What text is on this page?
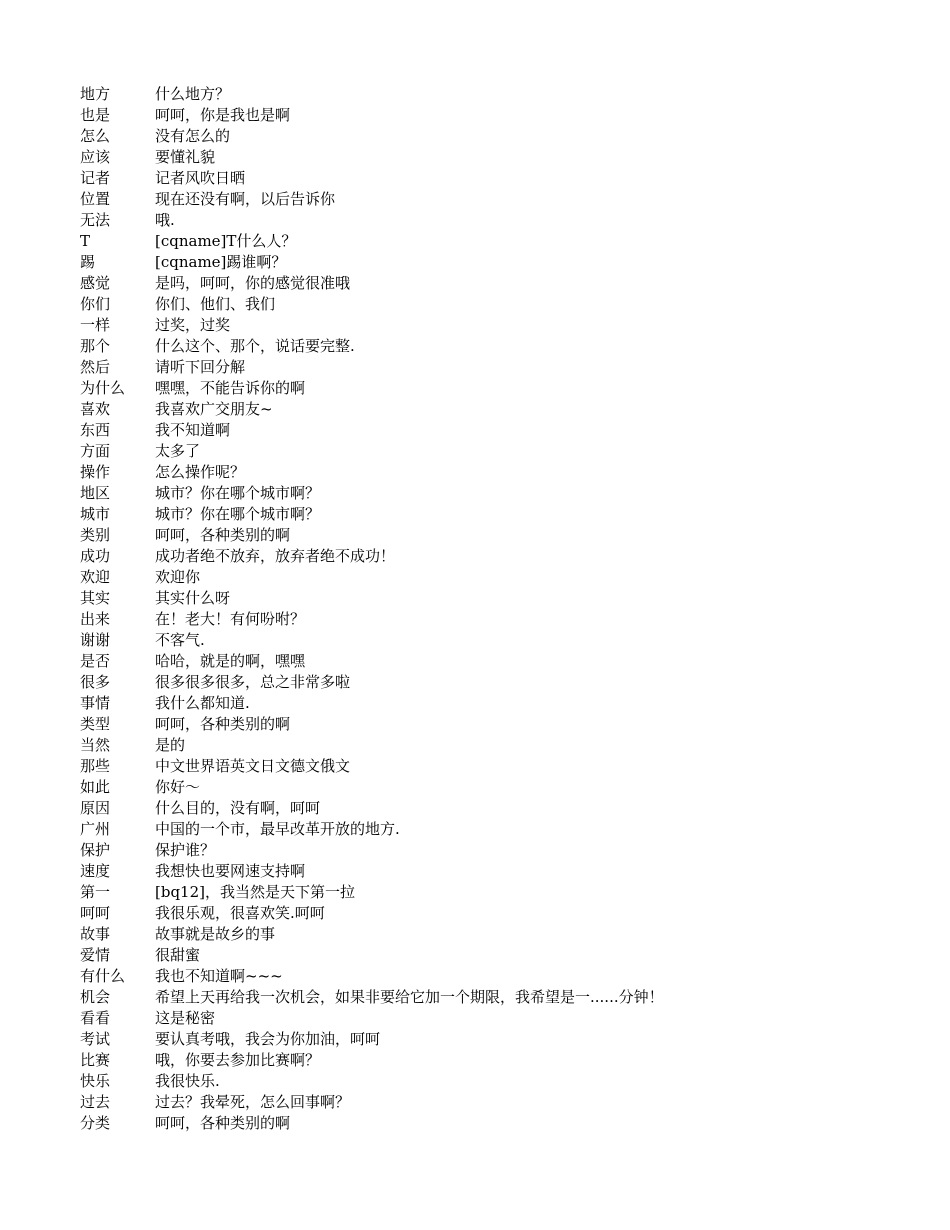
地方	什么地方？
也是	呵呵，你是我也是啊
怎么	没有怎么的
应该	要懂礼貌
记者	记者风吹日晒
位置	现在还没有啊，以后告诉你
无法	哦.
T	[cqname]T什么人？
踢	[cqname]踢谁啊？
感觉	是吗，呵呵，你的感觉很准哦
你们	你们、他们、我们
一样	过奖，过奖
那个	什么这个、那个，说话要完整.
然后	请听下回分解
为什么	嘿嘿，不能告诉你的啊
喜欢	我喜欢广交朋友~
东西	我不知道啊
方面	太多了
操作	怎么操作呢？
地区	城市？你在哪个城市啊？
城市	城市？你在哪个城市啊？
类别	呵呵，各种类别的啊
成功	成功者绝不放弃，放弃者绝不成功！
欢迎	欢迎你
其实	其实什么呀
出来	在！老大！有何吩咐？
谢谢	不客气.
是否	哈哈，就是的啊，嘿嘿
很多	很多很多很多，总之非常多啦
事情	我什么都知道.
类型	呵呵，各种类别的啊
当然	是的
那些	中文世界语英文日文德文俄文
如此	你好～
原因	什么目的，没有啊，呵呵
广州	中国的一个市，最早改革开放的地方.
保护	保护谁？
速度	我想快也要网速支持啊
第一	[bq12]，我当然是天下第一拉
呵呵	我很乐观，很喜欢笑.呵呵
故事	故事就是故乡的事
爱情	很甜蜜
有什么	我也不知道啊~~~
机会	希望上天再给我一次机会，如果非要给它加一个期限，我希望是一......分钟！
看看	这是秘密
考试	要认真考哦，我会为你加油，呵呵
比赛	哦，你要去参加比赛啊？
快乐	我很快乐.
过去	过去？我晕死，怎么回事啊？
分类	呵呵，各种类别的啊
